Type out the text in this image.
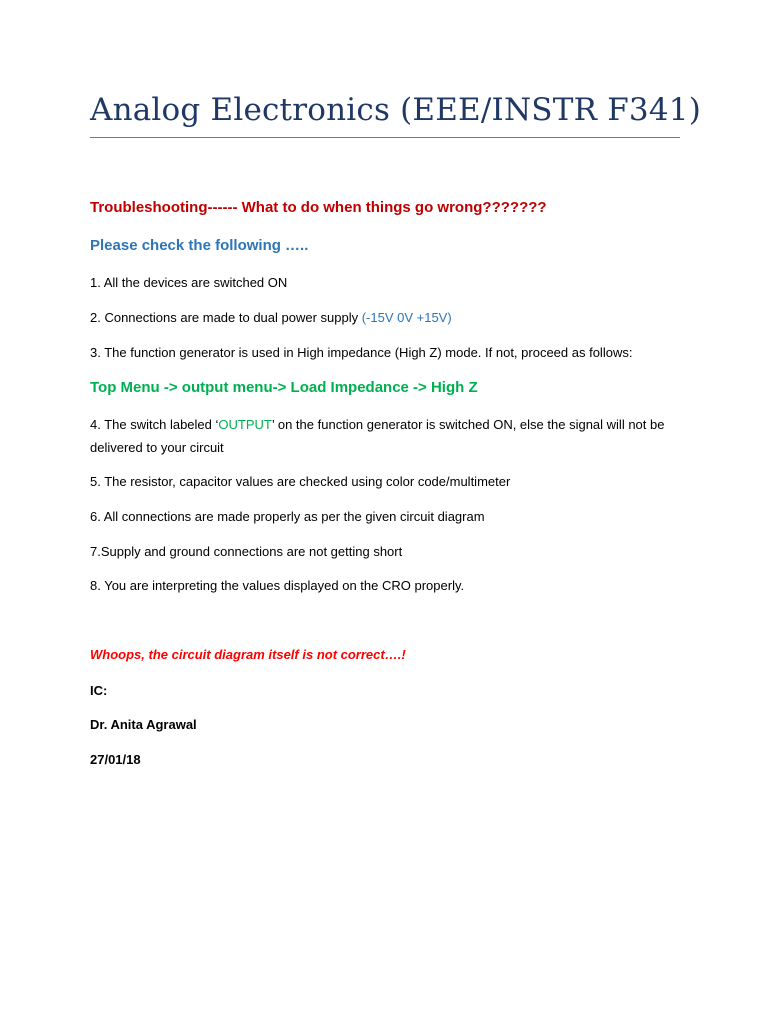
Analog Electronics (EEE/INSTR F341)
Troubleshooting------ What to do when things go wrong???????
Please check the following …..
1. All the devices are switched ON
2. Connections are made to dual power supply (-15V 0V +15V)
3. The function generator is used in High impedance (High Z) mode. If not, proceed as follows:
Top Menu -> output menu-> Load Impedance -> High Z
4. The switch labeled ‘OUTPUT’ on the function generator is switched ON, else the signal will not be delivered to your circuit
5. The resistor, capacitor values are checked using color code/multimeter
6. All connections are made properly as per the given circuit diagram
7.Supply and ground connections are not getting short
8. You are interpreting the values displayed on the CRO properly.
Whoops, the circuit diagram itself is not correct….!
IC:
Dr. Anita Agrawal
27/01/18
